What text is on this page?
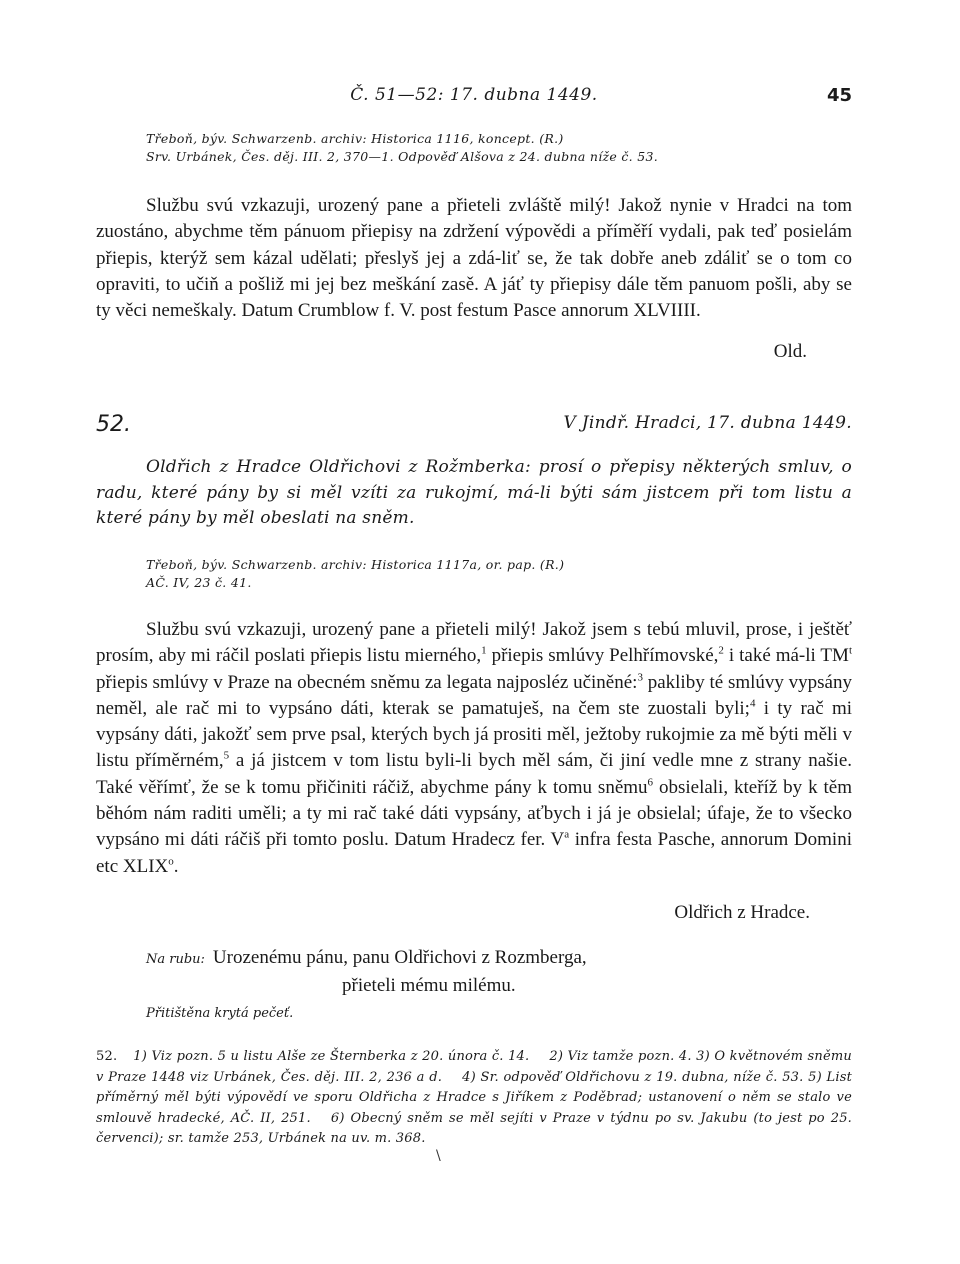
Č. 51—52: 17. dubna 1449.	45
Třeboň, býv. Schwarzenb. archiv: Historica 1116, koncept. (R.)
Srv. Urbánek, Čes. děj. III. 2, 370—1. Odpověď Alšova z 24. dubna níže č. 53.

Službu svú vzkazuji, urozený pane a přieteli zvláště milý! Jakož nynie v Hradci na tom zuostáno, abychme těm pánuom přiepisy na zdržení výpovědi a příměří vydali, pak teď posielám přiepis, kterýž sem kázal udělati; přeslyš jej a zdá-liť se, že tak dobře aneb zdáliť se o tom co opraviti, to učiň a pošliž mi jej bez meškání zasě. A jáť ty přiepisy dále těm panuom pošli, aby se ty věci nemeškaly. Datum Crumblow f. V. post festum Pasce annorum XLVIIII.

Old.
52.	V Jindř. Hradci, 17. dubna 1449.
Oldřich z Hradce Oldřichovi z Rožmberka: prosí o přepisy některých smluv, o radu, které pány by si měl vzíti za rukojmí, má-li býti sám jistcem při tom listu a které pány by měl obeslati na sněm.
Třeboň, býv. Schwarzenb. archiv: Historica 1117a, or. pap. (R.)
AČ. IV, 23 č. 41.

Službu svú vzkazuji, urozený pane a přieteli milý! Jakož jsem s tebú mluvil, prose, i ještěť prosím, aby mi ráčil poslati přiepis listu mierného,$^1$ přiepis smlúvy Pelhřímovské,$^2$ i také má-li $TM^t$ přiepis smlúvy v Praze na obecném sněmu za legata najposléz učiněné:$^3$ pakliby té smlúvy vypsány neměl, ale rač mi to vypsáno dáti, kterak se pamatuješ, na čem ste zuostali byli;$^4$ i ty rač mi vypsány dáti, jakožť sem prve psal, kterých bych já prositi měl, ježtoby rukojmie za mě býti měli v listu příměrném,$^5$ a já jistcem v tom listu byli-li bych měl sám, či jiní vedle mne z strany našie. Také věřímť, že se k tomu přičiniti ráčiž, abychme pány k tomu sněmu$^6$ obsielali, kteříž by k těm běhóm nám raditi uměli; a ty mi rač také dáti vypsány, aťbych i já je obsielal; úfaje, že to všecko vypsáno mi dáti ráčiš při tomto poslu. Datum Hradecz fer. $V^a$ infra festa Pasche, annorum Domini etc XLIX$^o$.

Oldřich z Hradce.
Na rubu: Urozenému pánu, panu Oldřichovi z Rozmberga,
přieteli mému milému.
Přitištěna krytá pečeť.
52. 1) Viz pozn. 5 u listu Alše ze Šternberka z 20. února č. 14. 2) Viz tamže pozn. 4. 3) O květnovém sněmu v Praze 1448 viz Urbánek, Čes. děj. III. 2, 236 a d. 4) Sr. odpověď Oldřichovu z 19. dubna, níže č. 53. 5) List příměrný měl býti výpovědí ve sporu Oldřicha z Hradce s Jiříkem z Poděbrad; ustanovení o něm se stalo ve smlouvě hradecké, AČ. II, 251. 6) Obecný sněm se měl sejíti v Praze v týdnu po sv. Jakubu (to jest po 25. červenci); sr. tamže 253, Urbánek na uv. m. 368.
\
